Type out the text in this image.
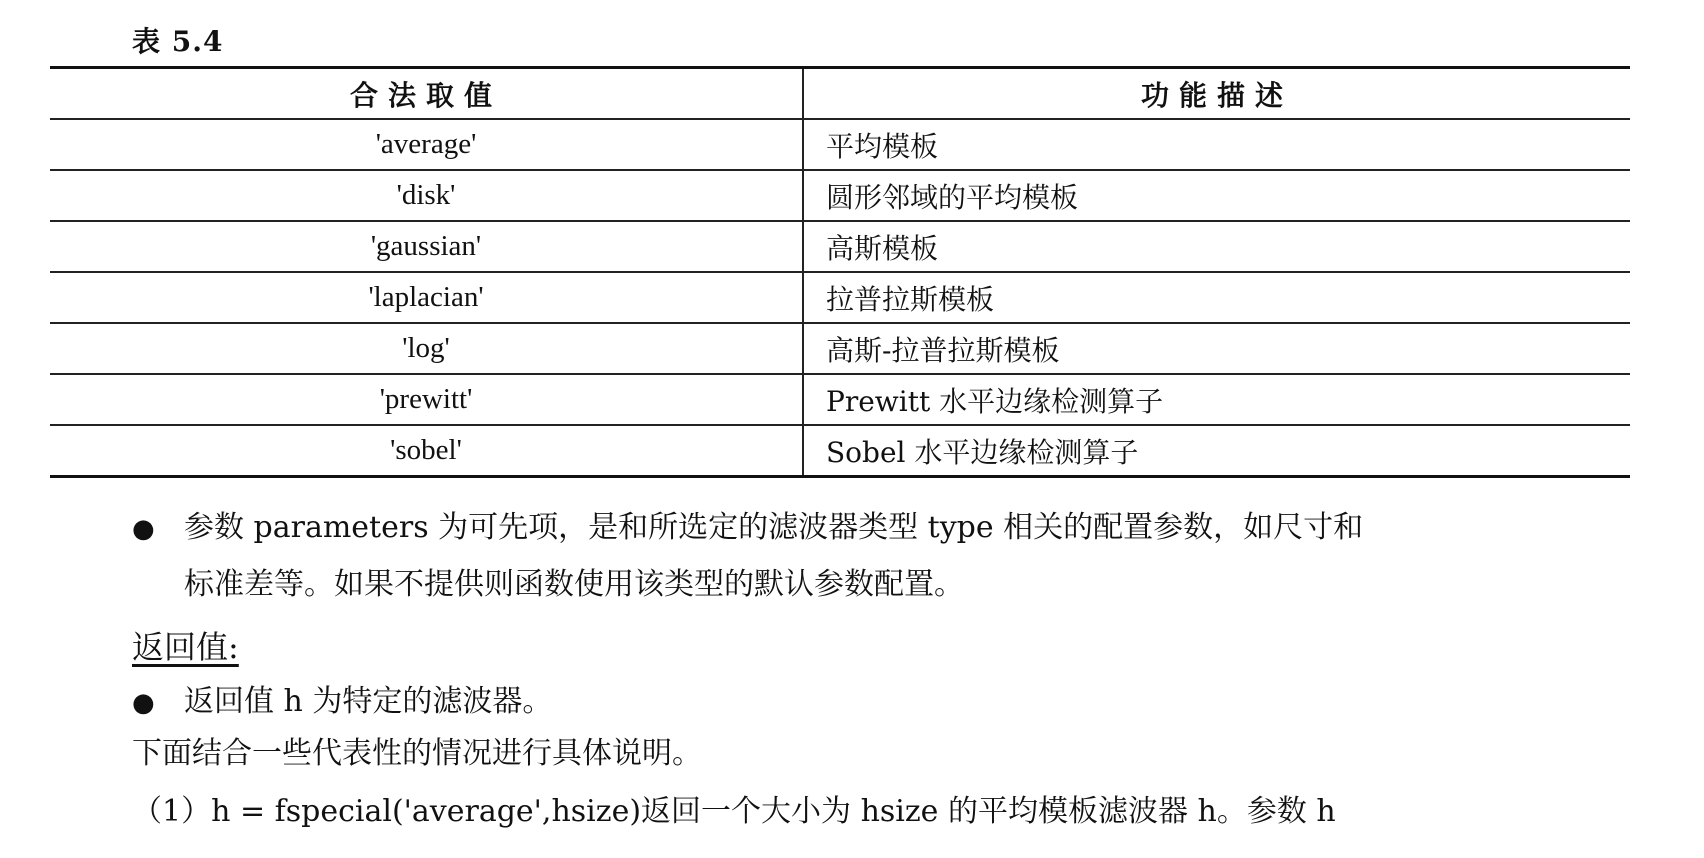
表 5.4
合法取值	功能描述
'average'	平均模板
'disk'	圆形邻域的平均模板
'gaussian'	高斯模板
'laplacian'	拉普拉斯模板
'log'	高斯-拉普拉斯模板
'prewitt'	Prewitt 水平边缘检测算子
'sobel'	Sobel 水平边缘检测算子
● 参数 parameters 为可先项，是和所选定的滤波器类型 type 相关的配置参数，如尺寸和
标准差等。如果不提供则函数使用该类型的默认参数配置。
返回值:
● 返回值 h 为特定的滤波器。
下面结合一些代表性的情况进行具体说明。
（1）h = fspecial('average',hsize)返回一个大小为 hsize 的平均模板滤波器 h。参数 h
